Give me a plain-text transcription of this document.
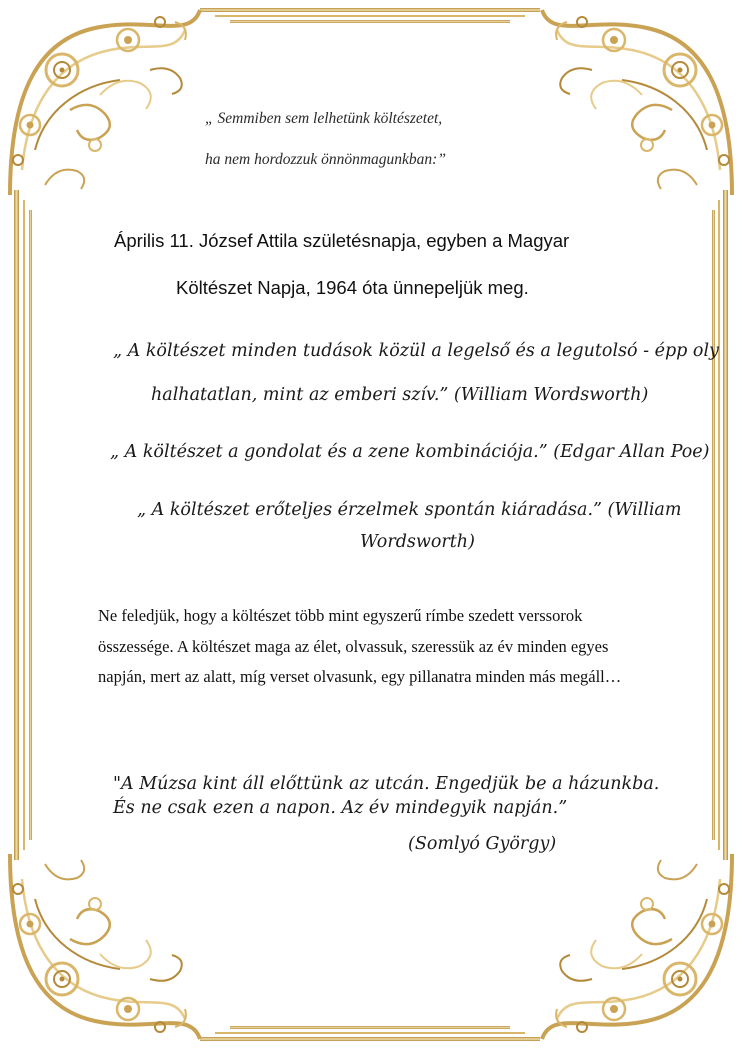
„ Semmiben sem lelhetünk költészetet,
ha nem hordozzuk önnönmagunkban:”
Április 11. József Attila születésnapja, egyben a Magyar
Költészet Napja, 1964 óta ünnepeljük meg.
„ A költészet minden tudások közül a legelső és a legutolsó - épp oly
halhatatlan, mint az emberi szív.” (William Wordsworth)
„ A költészet a gondolat és a zene kombinációja.” (Edgar Allan Poe)
„ A költészet erőteljes érzelmek spontán kiáradása.” (William
Wordsworth)
Ne feledjük, hogy a költészet több mint egyszerű rímbe szedett verssorok
összessége. A költészet maga az élet, olvassuk, szeressük az év minden egyes
napján, mert az alatt, míg verset olvasunk, egy pillanatra minden más megáll…
"A Múzsa kint áll előttünk az utcán. Engedjük be a házunkba.
És ne csak ezen a napon. Az év mindegyik napján.”
(Somlyó György)
